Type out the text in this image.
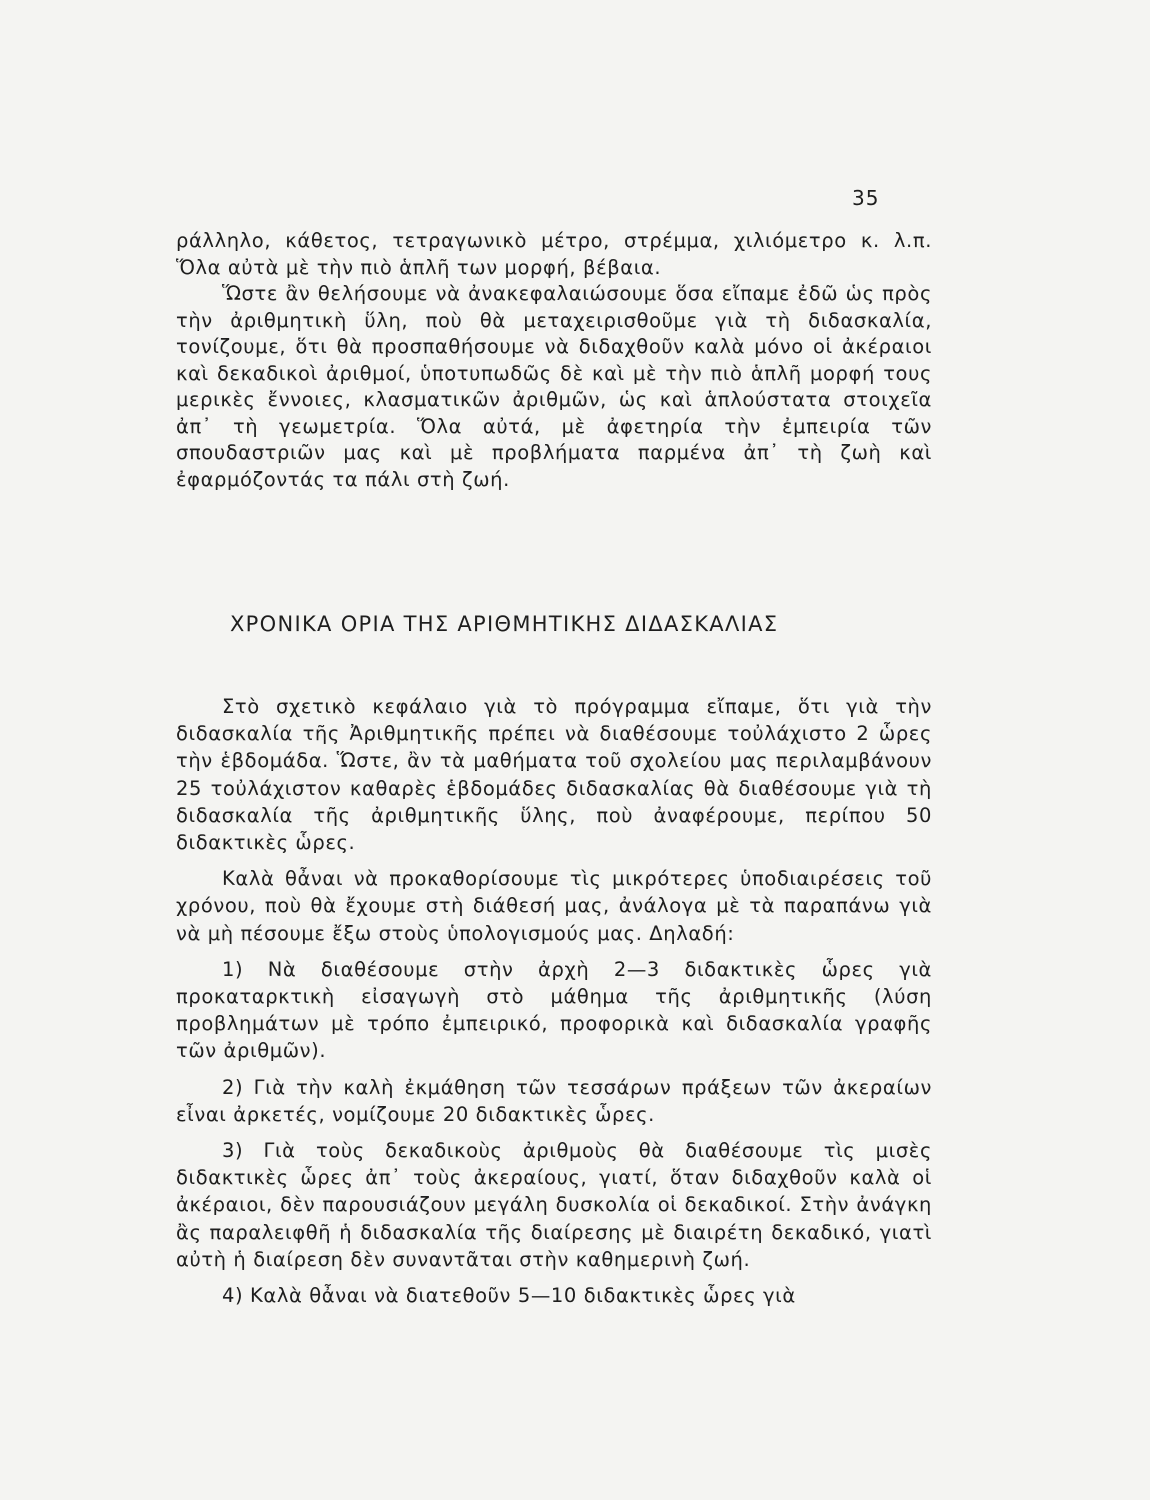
35

ράλληλο, κάθετος, τετραγωνικὸ μέτρο, στρέμμα, χιλιόμετρο κ. λ.π. Ὅλα αὐτὰ μὲ τὴν πιὸ ἁπλῆ των μορφή, βέβαια.

Ὥστε ἂν θελήσουμε νὰ ἀνακεφαλαιώσουμε ὅσα εἴπαμε ἐδῶ ὡς πρὸς τὴν ἀριθμητικὴ ὕλη, ποὺ θὰ μεταχειρισθοῦμε γιὰ τὴ διδασκαλία, τονίζουμε, ὅτι θὰ προσπαθήσουμε νὰ διδαχθοῦν καλὰ μόνο οἱ ἀκέραιοι καὶ δεκαδικοὶ ἀριθμοί, ὑποτυπωδῶς δὲ καὶ μὲ τὴν πιὸ ἁπλῆ μορφή τους μερικὲς ἔννοιες, κλασματικῶν ἀριθμῶν, ὡς καὶ ἁπλούστατα στοιχεῖα ἀπ᾿ τὴ γεωμετρία. Ὅλα αὐτά, μὲ ἀφετηρία τὴν ἐμπειρία τῶν σπουδαστριῶν μας καὶ μὲ προβλήματα παρμένα ἀπ᾿ τὴ ζωὴ καὶ ἐφαρμόζοντάς τα πάλι στὴ ζωή.

ΧΡΟΝΙΚΑ ΟΡΙΑ ΤΗΣ ΑΡΙΘΜΗΤΙΚΗΣ ΔΙΔΑΣΚΑΛΙΑΣ

Στὸ σχετικὸ κεφάλαιο γιὰ τὸ πρόγραμμα εἴπαμε, ὅτι γιὰ τὴν διδασκαλία τῆς Ἀριθμητικῆς πρέπει νὰ διαθέσουμε τοὐλάχιστο 2 ὧρες τὴν ἑβδομάδα. Ὥστε, ἂν τὰ μαθήματα τοῦ σχολείου μας περιλαμβάνουν 25 τοὐλάχιστον καθαρὲς ἑβδομάδες διδασκαλίας θὰ διαθέσουμε γιὰ τὴ διδασκαλία τῆς ἀριθμητικῆς ὕλης, ποὺ ἀναφέρουμε, περίπου 50 διδακτικὲς ὧρες.

Καλὰ θἆναι νὰ προκαθορίσουμε τὶς μικρότερες ὑποδιαιρέσεις τοῦ χρόνου, ποὺ θὰ ἔχουμε στὴ διάθεσή μας, ἀνάλογα μὲ τὰ παραπάνω γιὰ νὰ μὴ πέσουμε ἔξω στοὺς ὑπολογισμούς μας. Δηλαδή:

1) Νὰ διαθέσουμε στὴν ἀρχὴ 2—3 διδακτικὲς ὧρες γιὰ προκαταρκτικὴ εἰσαγωγὴ στὸ μάθημα τῆς ἀριθμητικῆς (λύση προβλημάτων μὲ τρόπο ἐμπειρικό, προφορικὰ καὶ διδασκαλία γραφῆς τῶν ἀριθμῶν).

2) Γιὰ τὴν καλὴ ἐκμάθηση τῶν τεσσάρων πράξεων τῶν ἀκεραίων εἶναι ἀρκετές, νομίζουμε 20 διδακτικὲς ὧρες.

3) Γιὰ τοὺς δεκαδικοὺς ἀριθμοὺς θὰ διαθέσουμε τὶς μισὲς διδακτικὲς ὧρες ἀπ᾿ τοὺς ἀκεραίους, γιατί, ὅταν διδαχθοῦν καλὰ οἱ ἀκέραιοι, δὲν παρουσιάζουν μεγάλη δυσκολία οἱ δεκαδικοί. Στὴν ἀνάγκη ἂς παραλειφθῆ ἡ διδασκαλία τῆς διαίρεσης μὲ διαιρέτη δεκαδικό, γιατὶ αὐτὴ ἡ διαίρεση δὲν συναντᾶται στὴν καθημερινὴ ζωή.

4) Καλὰ θἆναι νὰ διατεθοῦν 5—10 διδακτικὲς ὧρες γιὰ
